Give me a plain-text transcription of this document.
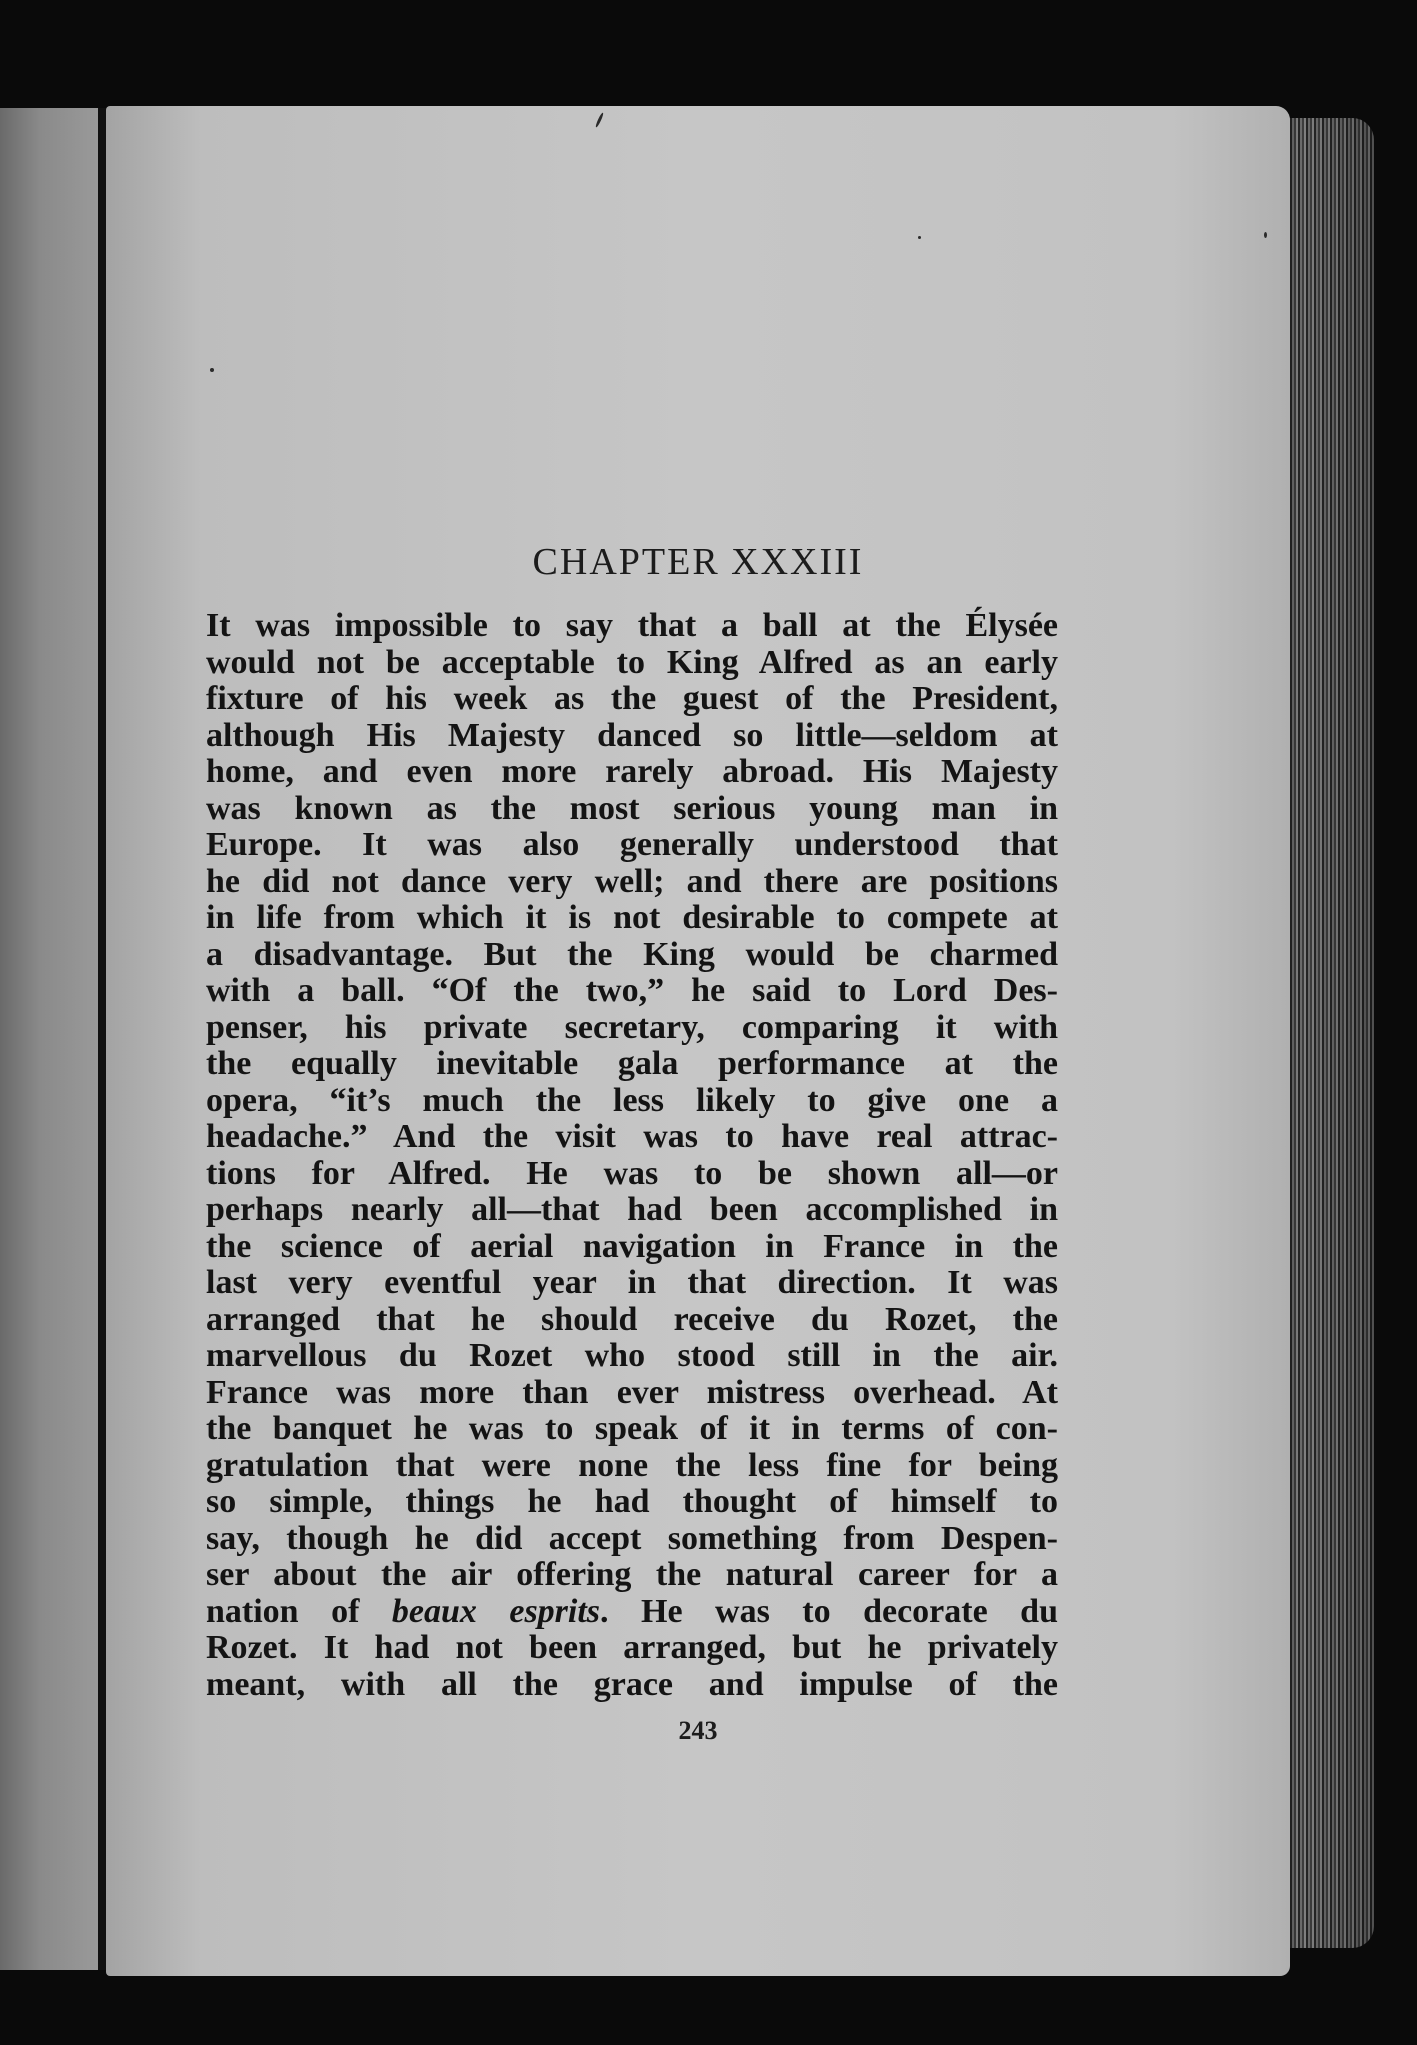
CHAPTER XXXIII
It was impossible to say that a ball at the Élysée
would not be acceptable to King Alfred as an early
fixture of his week as the guest of the President,
although His Majesty danced so little—seldom at
home, and even more rarely abroad. His Majesty
was known as the most serious young man in
Europe. It was also generally understood that
he did not dance very well; and there are positions
in life from which it is not desirable to compete at
a disadvantage. But the King would be charmed
with a ball. “Of the two,” he said to Lord Des-
penser, his private secretary, comparing it with
the equally inevitable gala performance at the
opera, “it’s much the less likely to give one a
headache.” And the visit was to have real attrac-
tions for Alfred. He was to be shown all—or
perhaps nearly all—that had been accomplished in
the science of aerial navigation in France in the
last very eventful year in that direction. It was
arranged that he should receive du Rozet, the
marvellous du Rozet who stood still in the air.
France was more than ever mistress overhead. At
the banquet he was to speak of it in terms of con-
gratulation that were none the less fine for being
so simple, things he had thought of himself to
say, though he did accept something from Despen-
ser about the air offering the natural career for a
nation of beaux esprits. He was to decorate du
Rozet. It had not been arranged, but he privately
meant, with all the grace and impulse of the

243
